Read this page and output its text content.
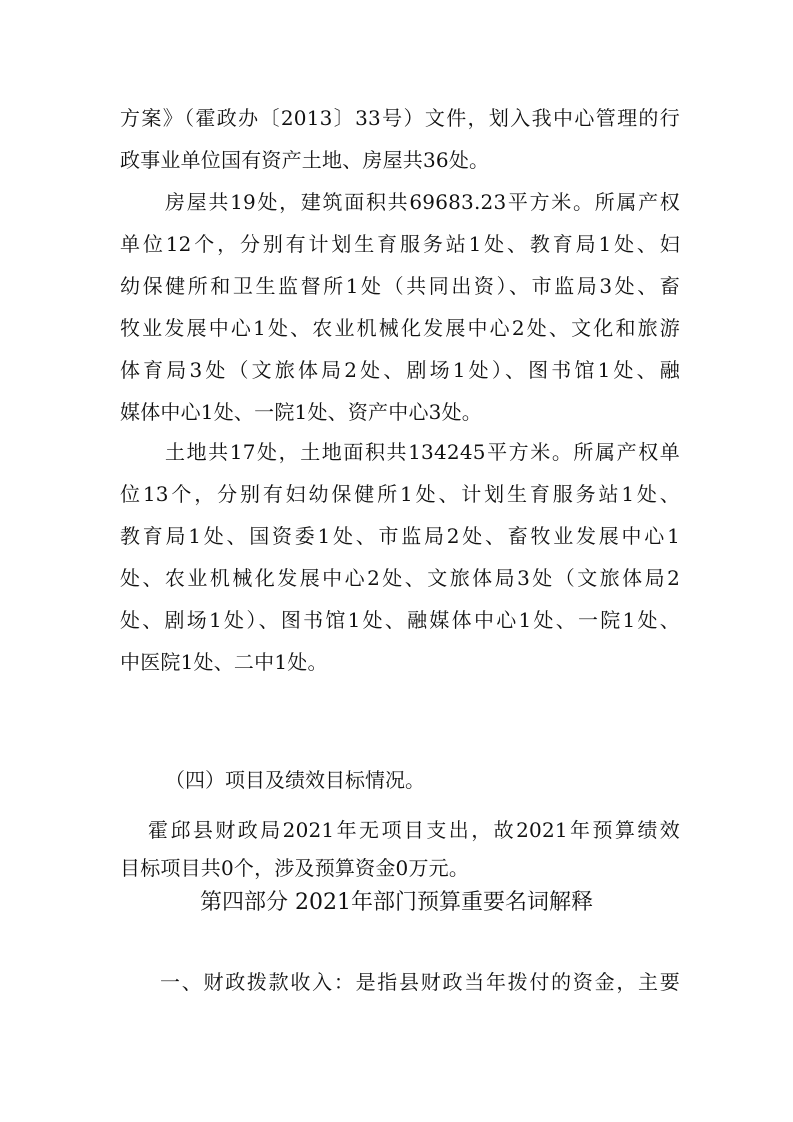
方案》（霍政办〔2013〕33号）文件，划入我中心管理的行
政事业单位国有资产土地、房屋共36处。
房屋共19处，建筑面积共69683.23平方米。所属产权
单位12个，分别有计划生育服务站1处、教育局1处、妇
幼保健所和卫生监督所1处（共同出资）、市监局3处、畜
牧业发展中心1处、农业机械化发展中心2处、文化和旅游
体育局3处（文旅体局2处、剧场1处）、图书馆1处、融
媒体中心1处、一院1处、资产中心3处。
土地共17处，土地面积共134245平方米。所属产权单
位13个，分别有妇幼保健所1处、计划生育服务站1处、
教育局1处、国资委1处、市监局2处、畜牧业发展中心1
处、农业机械化发展中心2处、文旅体局3处（文旅体局2
处、剧场1处）、图书馆1处、融媒体中心1处、一院1处、
中医院1处、二中1处。
（四）项目及绩效目标情况。
霍邱县财政局2021年无项目支出，故2021年预算绩效
目标项目共0个，涉及预算资金0万元。
第四部分 2021年部门预算重要名词解释
一、财政拨款收入：是指县财政当年拨付的资金，主要
